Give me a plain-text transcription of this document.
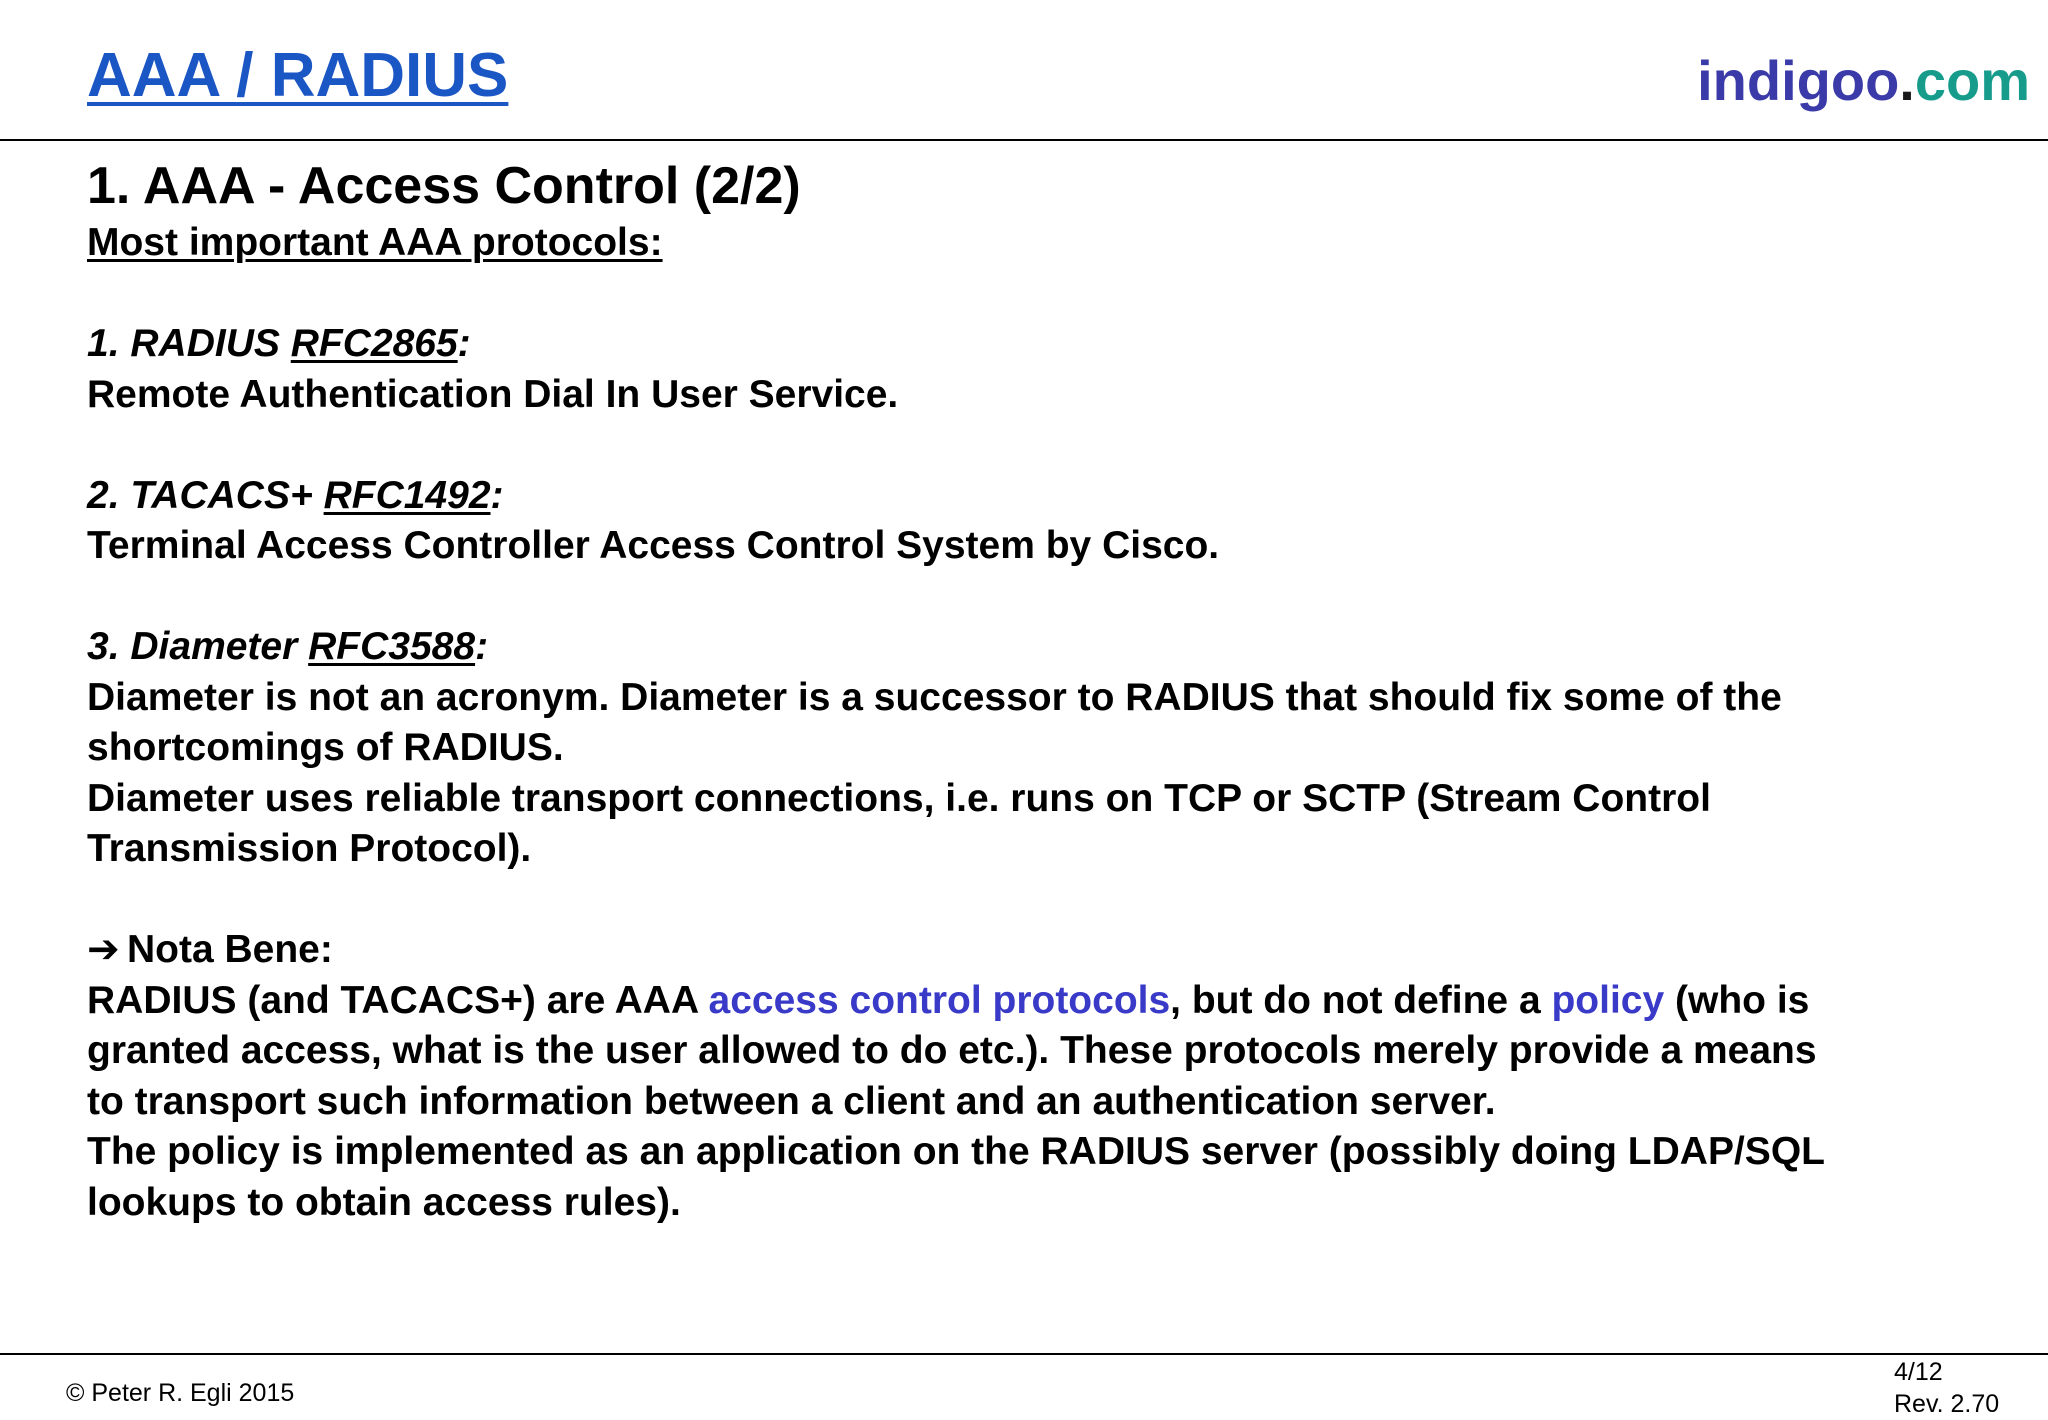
AAA / RADIUS	indigoo.com
1. AAA - Access Control (2/2)
Most important AAA protocols:
1. RADIUS RFC2865:
Remote Authentication Dial In User Service.
2. TACACS+ RFC1492:
Terminal Access Controller Access Control System by Cisco.
3. Diameter RFC3588:
Diameter is not an acronym. Diameter is a successor to RADIUS that should fix some of the
shortcomings of RADIUS.
Diameter uses reliable transport connections, i.e. runs on TCP or SCTP (Stream Control
Transmission Protocol).
➔ Nota Bene:
RADIUS (and TACACS+) are AAA access control protocols, but do not define a policy (who is
granted access, what is the user allowed to do etc.). These protocols merely provide a means
to transport such information between a client and an authentication server.
The policy is implemented as an application on the RADIUS server (possibly doing LDAP/SQL
lookups to obtain access rules).
© Peter R. Egli 2015
4/12
Rev. 2.70
